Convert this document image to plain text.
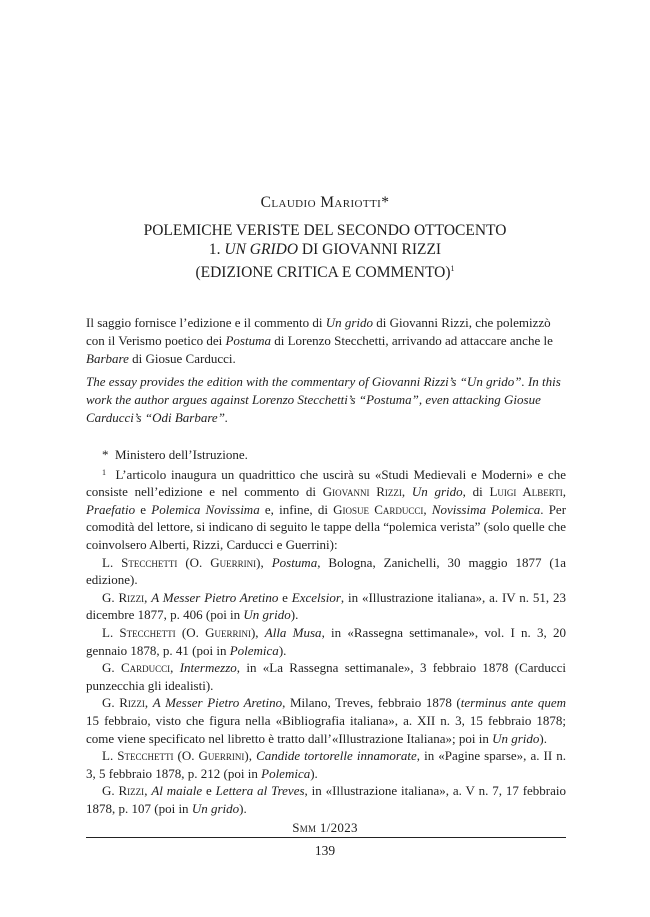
Claudio Mariotti*
POLEMICHE VERISTE DEL SECONDO OTTOCENTO
1. UN GRIDO DI GIOVANNI RIZZI
(EDIZIONE CRITICA E COMMENTO)$^1$

Il saggio fornisce l’edizione e il commento di Un grido di Giovanni Rizzi, che polemizzò con il Verismo poetico dei Postuma di Lorenzo Stecchetti, arrivando ad attaccare anche le Barbare di Giosue Carducci.

The essay provides the edition with the commentary of Giovanni Rizzi’s “Un grido”. In this work the author argues against Lorenzo Stecchetti’s “Postuma”, even attacking Giosue Carducci’s “Odi Barbare”.

* Ministero dell’Istruzione.

$^1$ L’articolo inaugura un quadrittico che uscirà su «Studi Medievali e Moderni» e che consiste nell’edizione e nel commento di Giovanni Rizzi, Un grido, di Luigi Alberti, Praefatio e Polemica Novissima e, infine, di Giosue Carducci, Novissima Polemica. Per comodità del lettore, si indicano di seguito le tappe della “polemica verista” (solo quelle che coinvolsero Alberti, Rizzi, Carducci e Guerrini):

L. Stecchetti (O. Guerrini), Postuma, Bologna, Zanichelli, 30 maggio 1877 (1a edizione).

G. Rizzi, A Messer Pietro Aretino e Excelsior, in «Illustrazione italiana», a. IV n. 51, 23 dicembre 1877, p. 406 (poi in Un grido).

L. Stecchetti (O. Guerrini), Alla Musa, in «Rassegna settimanale», vol. I n. 3, 20 gennaio 1878, p. 41 (poi in Polemica).

G. Carducci, Intermezzo, in «La Rassegna settimanale», 3 febbraio 1878 (Carducci punzecchia gli idealisti).

G. Rizzi, A Messer Pietro Aretino, Milano, Treves, febbraio 1878 (terminus ante quem 15 febbraio, visto che figura nella «Bibliografia italiana», a. XII n. 3, 15 febbraio 1878; come viene specificato nel libretto è tratto dall’«Illustrazione Italiana»; poi in Un grido).

L. Stecchetti (O. Guerrini), Candide tortorelle innamorate, in «Pagine sparse», a. II n. 3, 5 febbraio 1878, p. 212 (poi in Polemica).

G. Rizzi, Al maiale e Lettera al Treves, in «Illustrazione italiana», a. V n. 7, 17 febbraio 1878, p. 107 (poi in Un grido).

Smm 1/2023
139
